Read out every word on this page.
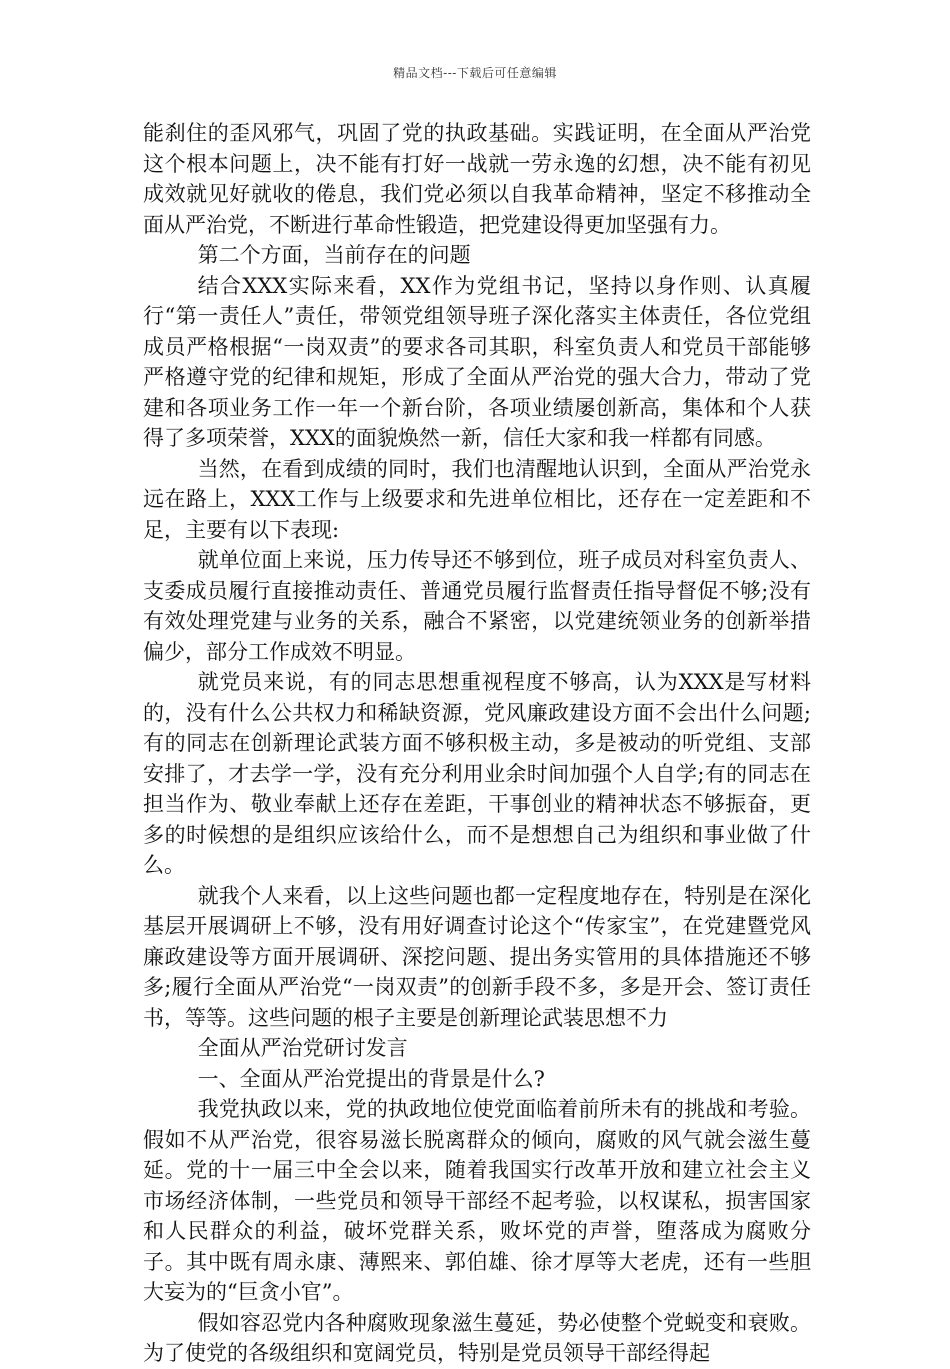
精品文档---下载后可任意编辑

能刹住的歪风邪气，巩固了党的执政基础。实践证明，在全面从严治党这个根本问题上，决不能有打好一战就一劳永逸的幻想，决不能有初见成效就见好就收的倦息，我们党必须以自我革命精神，坚定不移推动全面从严治党，不断进行革命性锻造，把党建设得更加坚强有力。

第二个方面，当前存在的问题

结合XXX实际来看，XX作为党组书记，坚持以身作则、认真履行“第一责任人”责任，带领党组领导班子深化落实主体责任，各位党组成员严格根据“一岗双责”的要求各司其职，科室负责人和党员干部能够严格遵守党的纪律和规矩，形成了全面从严治党的强大合力，带动了党建和各项业务工作一年一个新台阶，各项业绩屡创新高，集体和个人获得了多项荣誉，XXX的面貌焕然一新，信任大家和我一样都有同感。

当然，在看到成绩的同时，我们也清醒地认识到，全面从严治党永远在路上，XXX工作与上级要求和先进单位相比，还存在一定差距和不足，主要有以下表现:

就单位面上来说，压力传导还不够到位，班子成员对科室负责人、支委成员履行直接推动责任、普通党员履行监督责任指导督促不够;没有有效处理党建与业务的关系，融合不紧密，以党建统领业务的创新举措偏少，部分工作成效不明显。

就党员来说，有的同志思想重视程度不够高，认为XXX是写材料的，没有什么公共权力和稀缺资源，党风廉政建设方面不会出什么问题;有的同志在创新理论武装方面不够积极主动，多是被动的听党组、支部安排了，才去学一学，没有充分利用业余时间加强个人自学;有的同志在担当作为、敬业奉献上还存在差距，干事创业的精神状态不够振奋，更多的时候想的是组织应该给什么，而不是想想自己为组织和事业做了什么。

就我个人来看，以上这些问题也都一定程度地存在，特别是在深化基层开展调研上不够，没有用好调查讨论这个“传家宝”，在党建暨党风廉政建设等方面开展调研、深挖问题、提出务实管用的具体措施还不够多;履行全面从严治党“一岗双责”的创新手段不多，多是开会、签订责任书，等等。这些问题的根子主要是创新理论武装思想不力

全面从严治党研讨发言

一、全面从严治党提出的背景是什么?

我党执政以来，党的执政地位使党面临着前所未有的挑战和考验。假如不从严治党，很容易滋长脱离群众的倾向，腐败的风气就会滋生蔓延。党的十一届三中全会以来，随着我国实行改革开放和建立社会主义市场经济体制，一些党员和领导干部经不起考验，以权谋私，损害国家和人民群众的利益，破坏党群关系，败坏党的声誉，堕落成为腐败分子。其中既有周永康、薄熙来、郭伯雄、徐才厚等大老虎，还有一些胆大妄为的“巨贪小官”。

假如容忍党内各种腐败现象滋生蔓延，势必使整个党蜕变和衰败。为了使党的各级组织和宽阔党员，特别是党员领导干部经得起
